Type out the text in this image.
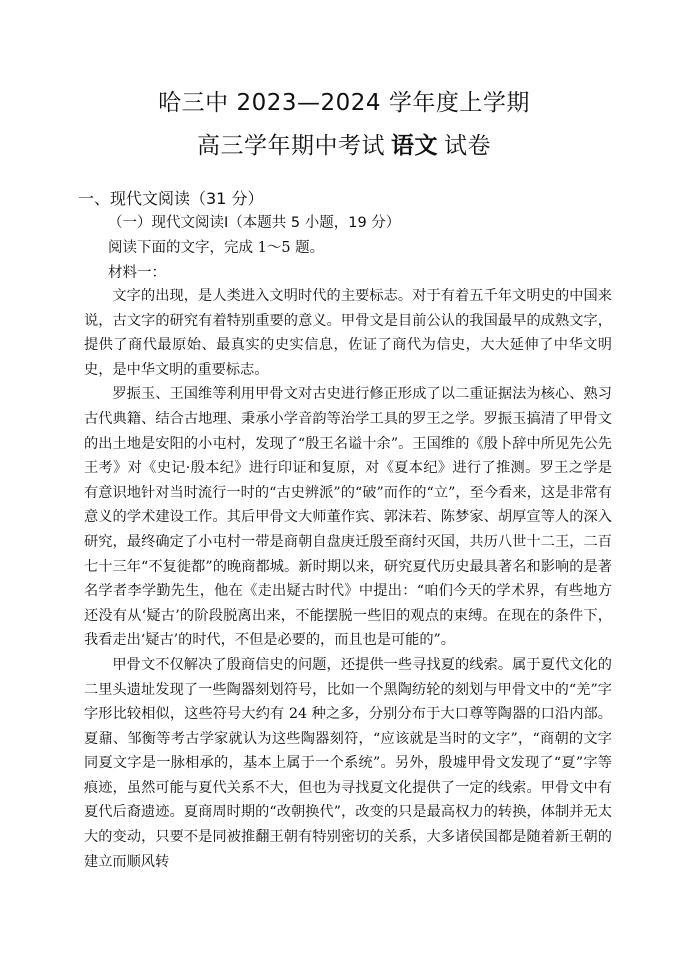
哈三中 2023—2024 学年度上学期
高三学年期中考试 语文 试卷
一、现代文阅读（31 分）
（一）现代文阅读Ⅰ（本题共 5 小题，19 分）
阅读下面的文字，完成 1～5 题。
材料一：

文字的出现，是人类进入文明时代的主要标志。对于有着五千年文明史的中国来说，古文字的研究有着特别重要的意义。甲骨文是目前公认的我国最早的成熟文字，提供了商代最原始、最真实的史实信息，佐证了商代为信史，大大延伸了中华文明史，是中华文明的重要标志。

罗振玉、王国维等利用甲骨文对古史进行修正形成了以二重证据法为核心、熟习古代典籍、结合古地理、秉承小学音韵等治学工具的罗王之学。罗振玉搞清了甲骨文的出土地是安阳的小屯村，发现了“殷王名谥十余”。王国维的《殷卜辞中所见先公先王考》对《史记·殷本纪》进行印证和复原，对《夏本纪》进行了推测。罗王之学是有意识地针对当时流行一时的“古史辨派”的“破”而作的“立”，至今看来，这是非常有意义的学术建设工作。其后甲骨文大师董作宾、郭沫若、陈梦家、胡厚宣等人的深入研究，最终确定了小屯村一带是商朝自盘庚迁殷至商纣灭国，共历八世十二王，二百七十三年“不复徙都”的晚商都城。新时期以来，研究夏代历史最具著名和影响的是著名学者李学勤先生，他在《走出疑古时代》中提出：“咱们今天的学术界，有些地方还没有从‘疑古’的阶段脱离出来，不能摆脱一些旧的观点的束缚。在现在的条件下，我看走出‘疑古’的时代，不但是必要的，而且也是可能的”。

甲骨文不仅解决了殷商信史的问题，还提供一些寻找夏的线索。属于夏代文化的二里头遗址发现了一些陶器刻划符号，比如一个黑陶纺轮的刻划与甲骨文中的“羌”字字形比较相似，这些符号大约有 24 种之多，分别分布于大口尊等陶器的口沿内部。夏鼐、邹衡等考古学家就认为这些陶器刻符，“应该就是当时的文字”，“商朝的文字同夏文字是一脉相承的，基本上属于一个系统”。另外，殷墟甲骨文发现了“夏”字等痕迹，虽然可能与夏代关系不大，但也为寻找夏文化提供了一定的线索。甲骨文中有夏代后裔遗迹。夏商周时期的“改朝换代”，改变的只是最高权力的转换，体制并无太大的变动，只要不是同被推翻王朝有特别密切的关系，大多诸侯国都是随着新王朝的建立而顺风转
